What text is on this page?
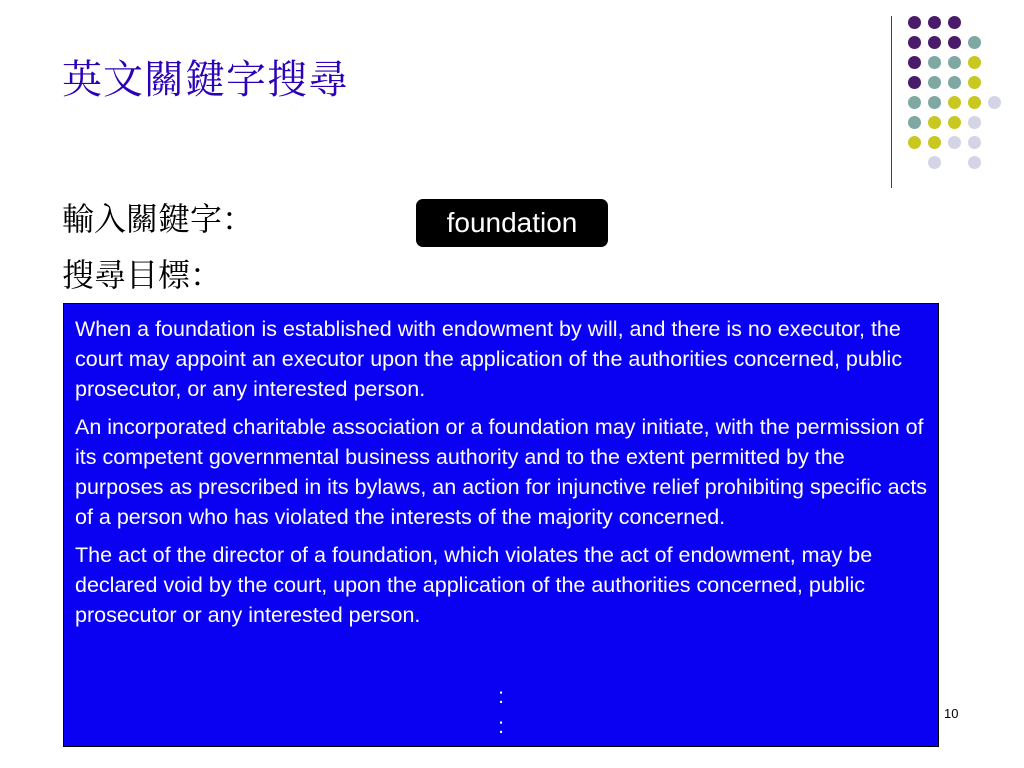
英文關鍵字搜尋
輸入關鍵字：	foundation
搜尋目標：

When a foundation is established with endowment by will, and there is no executor, the court may appoint an executor upon the application of the authorities concerned, public prosecutor, or any interested person.

An incorporated charitable association or a foundation may initiate, with the permission of its competent governmental business authority and to the extent permitted by the purposes as prescribed in its bylaws, an action for injunctive relief prohibiting specific acts of a person who has violated the interests of the majority concerned.

The act of the director of a foundation, which violates the act of endowment, may be declared void by the court, upon the application of the authorities concerned, public prosecutor or any interested person.

:
:
10
